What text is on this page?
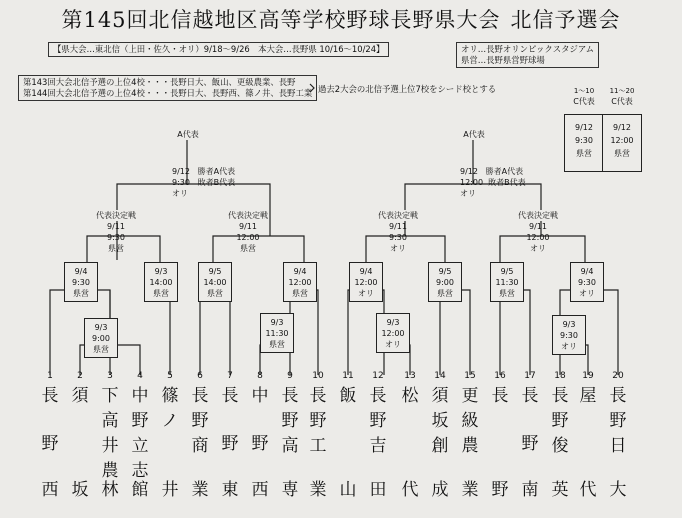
第145回北信越地区高等学校野球長野県大会 北信予選会
【県大会…東北信（上田・佐久・オリ）9/18～9/26　本大会…長野県 10/16～10/24】	オリ…長野オリンピックスタジアム
県営…長野県営野球場
第143回大会北信予選の上位4校・・・長野日大、飯山、更級農業、長野
第144回大会北信予選の上位4校・・・長野日大、長野西、篠ノ井、長野工業 過去2大会の北信予選上位7校をシード校とする
A代表
9/12 勝者A代表
9:30 敗者B代表
オリ
代表決定戦
9/11
9:30
県営
代表決定戦
9/11
12:00
県営
9/4
9:30
県営
9/3
9:00
県営
9/3
14:00
県営
9/5
14:00
県営
9/4
12:00
県営
9/3
11:30
県営
A代表
9/12 勝者A代表
12:00 敗者B代表
オリ
代表決定戦
9/11
9:30
オリ
代表決定戦
9/11
12:00
オリ
9/4
12:00
オリ
9/3
12:00
オリ
9/5
9:00
県営
9/5
11:30
県営
9/4
9:30
オリ
9/3
9:30
オリ
1～10
C代表
9/12
9:30
県営
11～20
C代表
9/12
12:00
県営
1
長
野
西
2
須
坂
3
下
高
井
農
林
4
中
野
立
志
館
5
篠
ノ
井
6
長
野
商
業
7
長
野
東
8
中
野
西
9
長
野
高
専
10
長
野
工
業
11
飯
山
12
長
野
吉
田
13
松
代
14
須
坂
創
成
15
更
級
農
業
16
長
野
17
長
野
南
18
長
野
俊
英
19
屋
代
20
長
野
日
大
